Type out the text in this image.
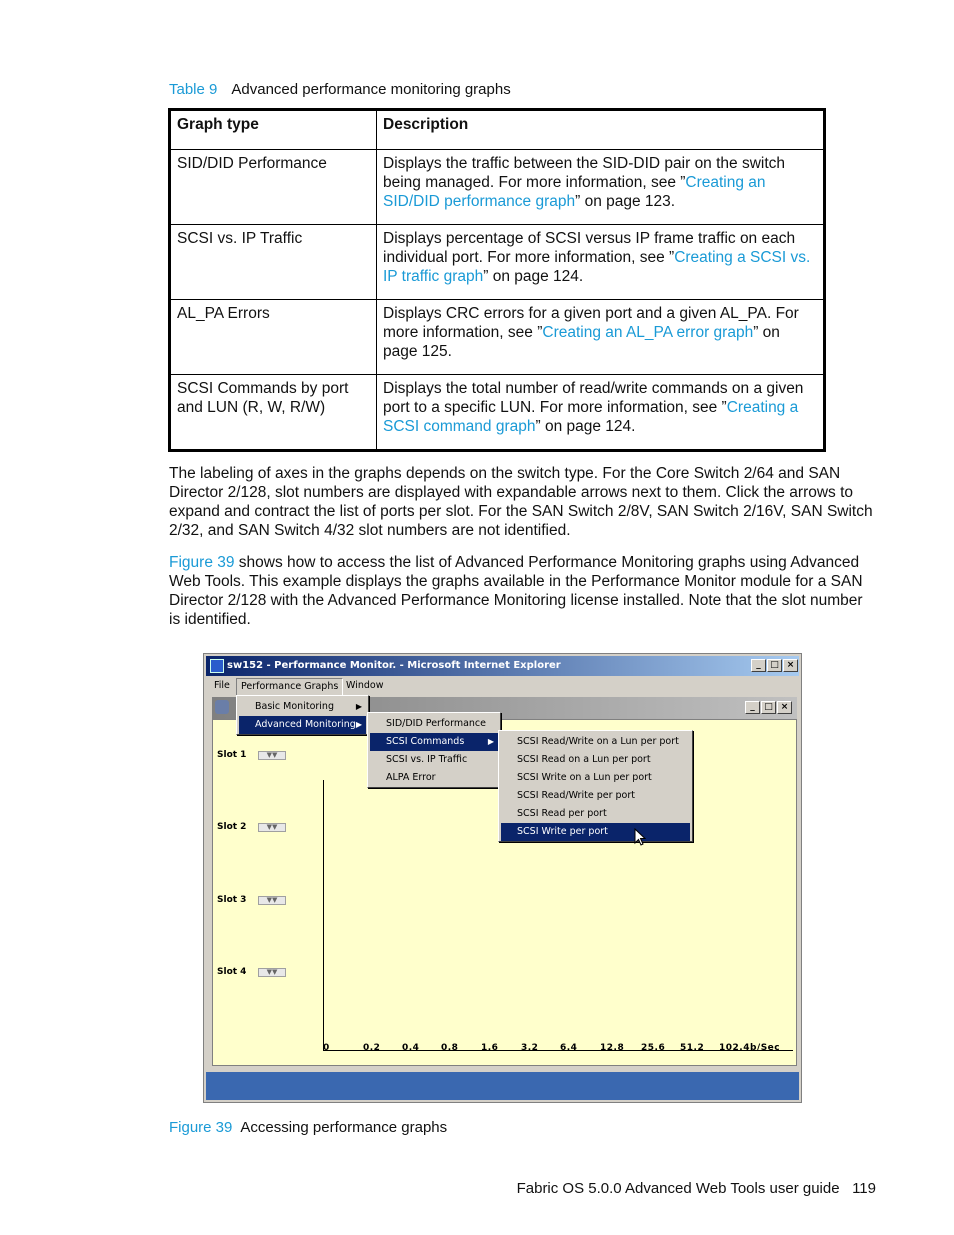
Table 9 Advanced performance monitoring graphs
Graph type	Description
SID/DID Performance	Displays the traffic between the SID-DID pair on the switch being managed. For more information, see ”Creating an SID/DID performance graph” on page 123.
SCSI vs. IP Traffic	Displays percentage of SCSI versus IP frame traffic on each individual port. For more information, see ”Creating a SCSI vs. IP traffic graph” on page 124.
AL_PA Errors	Displays CRC errors for a given port and a given AL_PA. For more information, see ”Creating an AL_PA error graph” on page 125.
SCSI Commands by port and LUN (R, W, R/W)	Displays the total number of read/write commands on a given port to a specific LUN. For more information, see ”Creating a SCSI command graph” on page 124.

The labeling of axes in the graphs depends on the switch type. For the Core Switch 2/64 and SAN Director 2/128, slot numbers are displayed with expandable arrows next to them. Click the arrows to expand and contract the list of ports per slot. For the SAN Switch 2/8V, SAN Switch 2/16V, SAN Switch 2/32, and SAN Switch 4/32 slot numbers are not identified.

Figure 39 shows how to access the list of Advanced Performance Monitoring graphs using Advanced Web Tools. This example displays the graphs available in the Performance Monitor module for a SAN Director 2/128 with the Advanced Performance Monitoring license installed. Note that the slot number is identified.

sw152 - Performance Monitor. - Microsoft Internet Explorer	_	□ ×
File	Performance Graphs Window
_	□ ×
Slot 1	▼▼
Slot 2	▼▼
Slot 3	▼▼
Slot 4	▼▼
0	0.2 0.4 0.8	1.6	3.2 6.4	12.8 25.6 51.2 102.4b/Sec
Basic Monitoring	▶
Advanced Monitoring ▶	SID/DID Performance
SCSI Commands	▶
SCSI vs. IP Traffic
ALPA Error
SCSI Read/Write on a Lun per port
SCSI Read on a Lun per port
SCSI Write on a Lun per port
SCSI Read/Write per port
SCSI Read per port
SCSI Write per port
Figure 39 Accessing performance graphs
Fabric OS 5.0.0 Advanced Web Tools user guide 119
